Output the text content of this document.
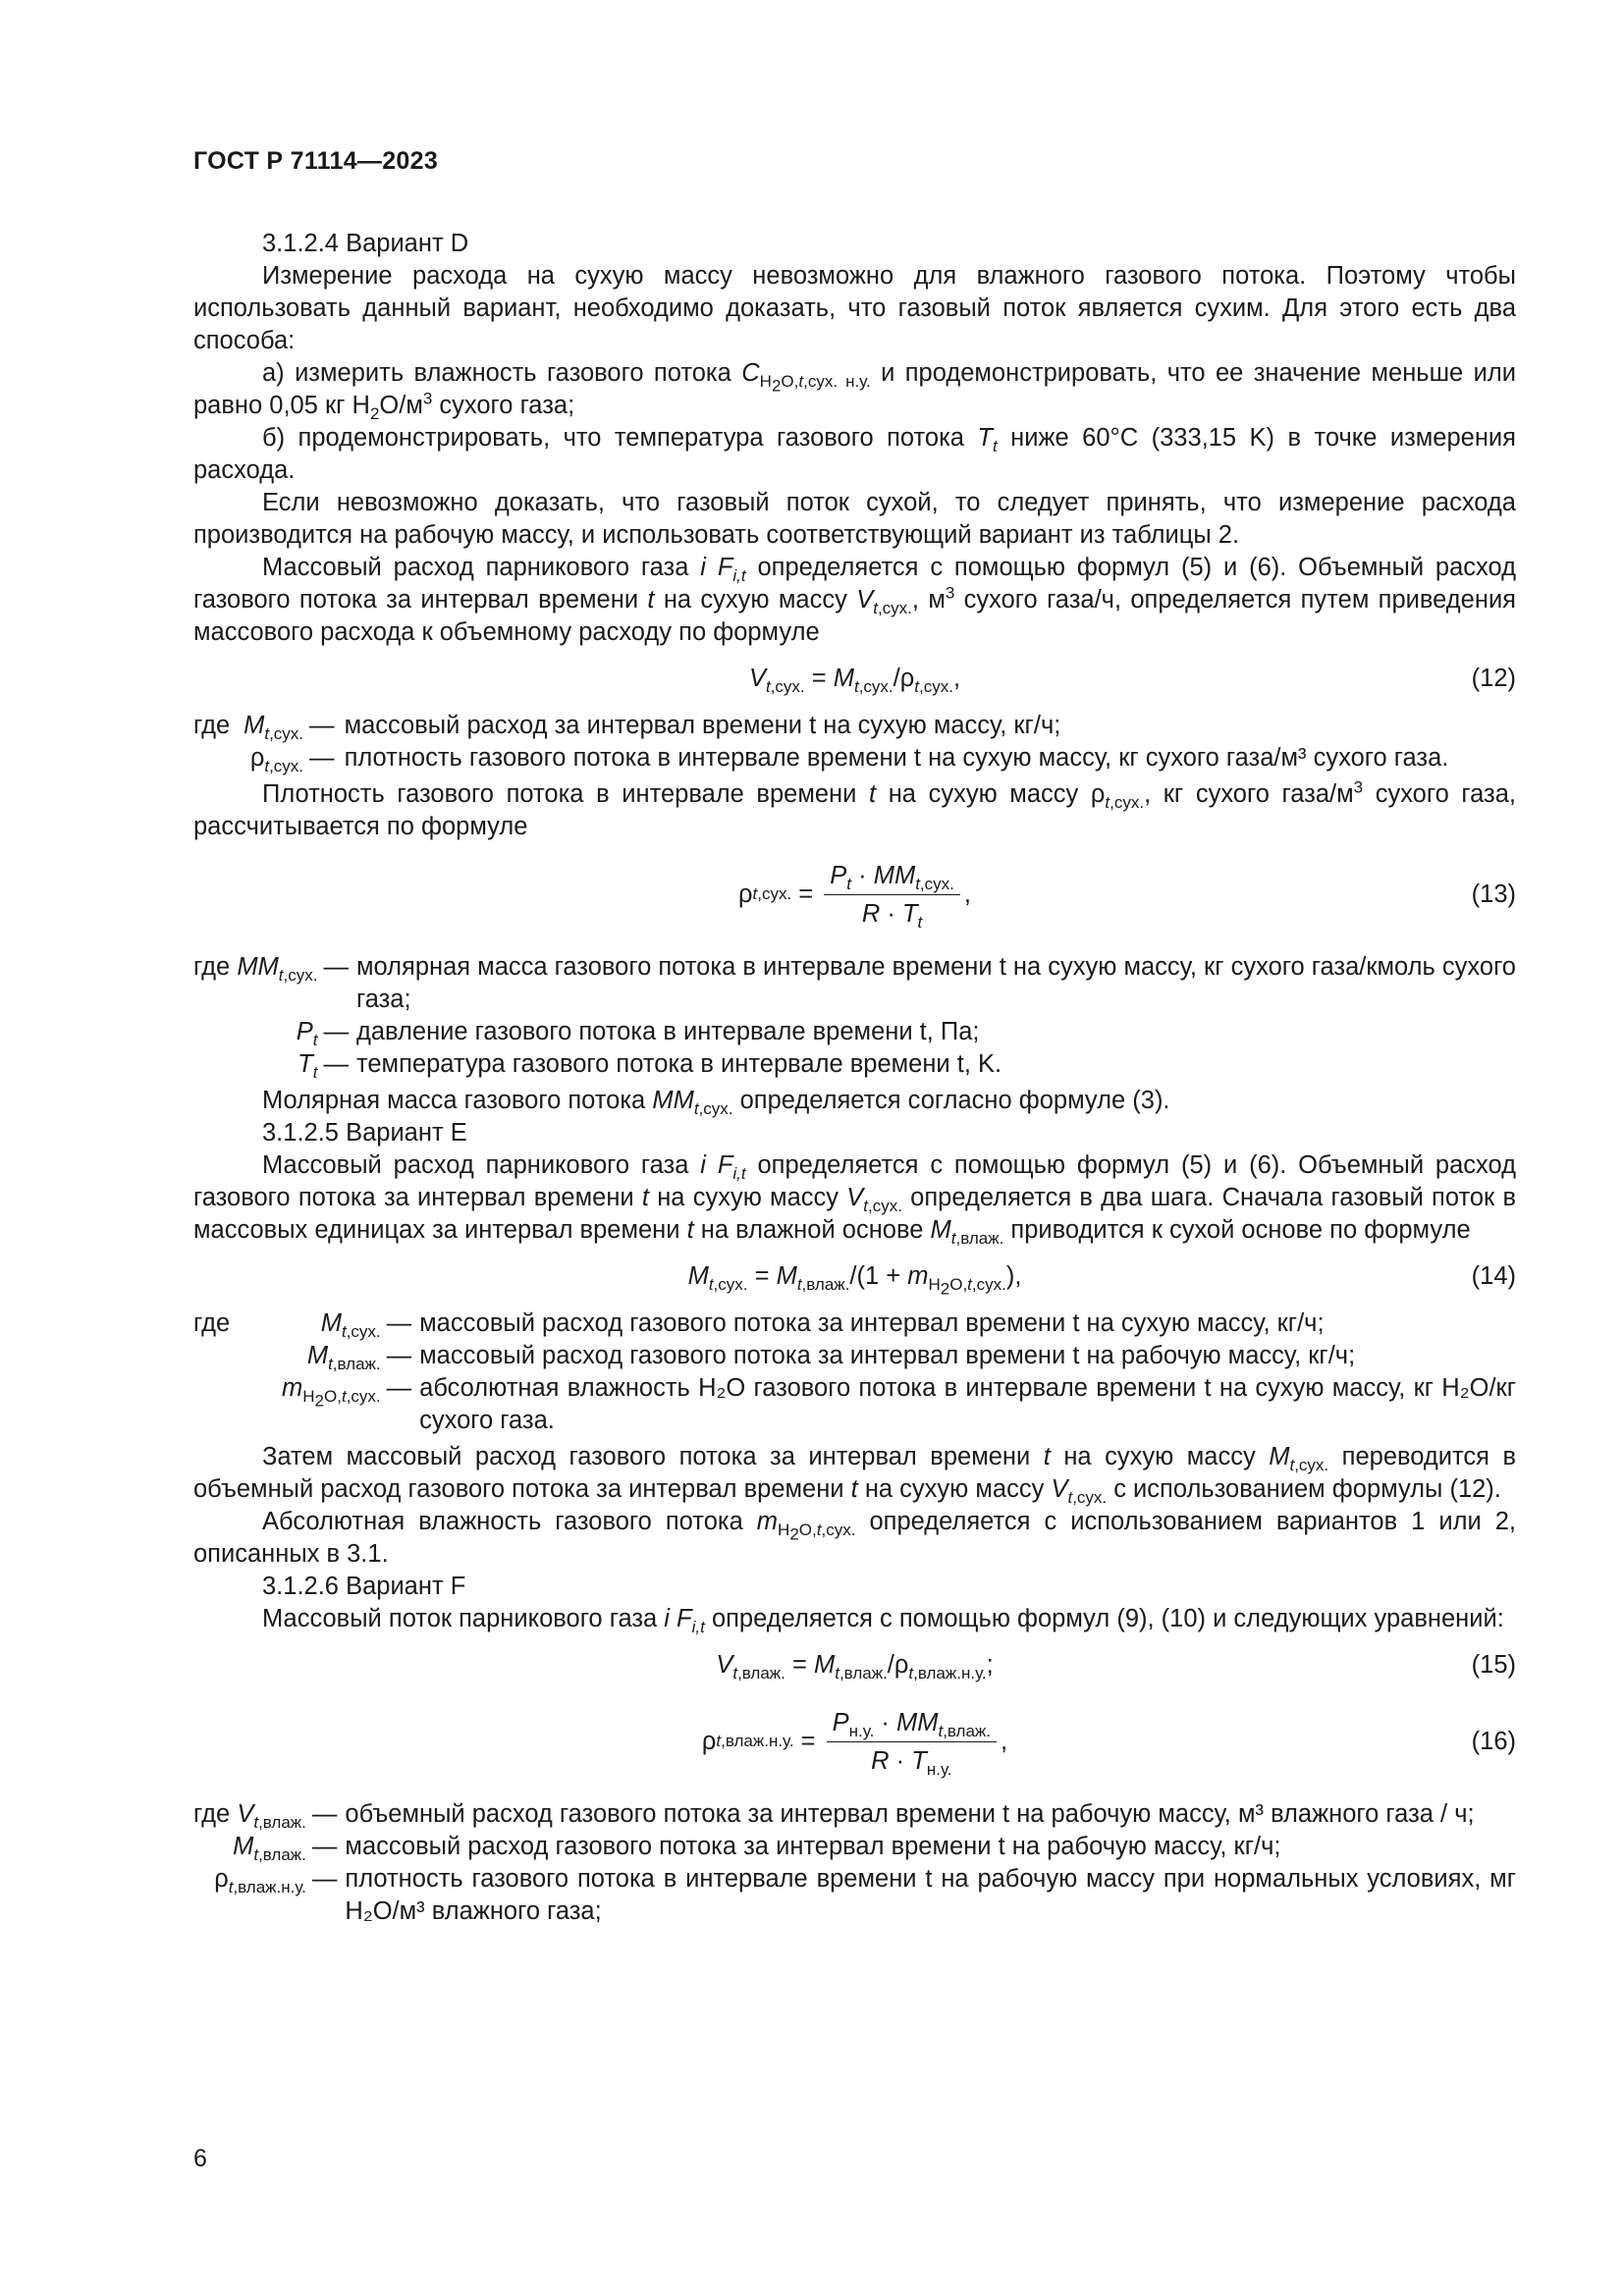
ГОСТ Р 71114—2023

3.1.2.4 Вариант D

Измерение расхода на сухую массу невозможно для влажного газового потока. Поэтому чтобы использовать данный вариант, необходимо доказать, что газовый поток является сухим. Для этого есть два способа:

а) измерить влажность газового потока $C_{H_2O,t,сух. н.у.}$ и продемонстрировать, что ее значение меньше или равно 0,05 кг $H_2O/м^3$ сухого газа;

б) продемонстрировать, что температура газового потока $T_t$ ниже 60°C (333,15 K) в точке измерения расхода.

Если невозможно доказать, что газовый поток сухой, то следует принять, что измерение расхода производится на рабочую массу, и использовать соответствующий вариант из таблицы 2.

Массовый расход парникового газа i $F_{i,t}$ определяется с помощью формул (5) и (6). Объемный расход газового потока за интервал времени t на сухую массу $V_{t,сух.}$, $м^3$ сухого газа/ч, определяется путем приведения массового расхода к объемному расходу по формуле

$V_{t,сух.} = M_{t,сух.}/\rho_{t,сух.}$,	(12)
где	$M_{t,сух.}$	—	массовый расход за интервал времени t на сухую массу, кг/ч;
	$\rho_{t,сух.}$	—	плотность газового потока в интервале времени t на сухую массу, кг сухого газа/м³ сухого газа.

Плотность газового потока в интервале времени t на сухую массу $\rho_{t,сух.}$, кг сухого газа/$м^3$ сухого газа, рассчитывается по формуле

ρ t,сух. = $\frac{P_t \cdot MM_{t,сух.}}{R \cdot T_t}$ ,	(13)
где	$MM_{t,сух.}$	—	молярная масса газового потока в интервале времени t на сухую массу, кг сухого газа/кмоль сухого газа;
	$P_t$	—	давление газового потока в интервале времени t, Па;
	$T_t$	—	температура газового потока в интервале времени t, K.

Молярная масса газового потока $MM_{t,сух.}$ определяется согласно формуле (3).

3.1.2.5 Вариант E

Массовый расход парникового газа i $F_{i,t}$ определяется с помощью формул (5) и (6). Объемный расход газового потока за интервал времени t на сухую массу $V_{t,сух.}$ определяется в два шага. Сначала газовый поток в массовых единицах за интервал времени t на влажной основе $M_{t,влаж.}$ приводится к сухой основе по формуле

$M_{t,сух.} = M_{t,влаж.}/(1 + m_{H_2O,t,сух.})$,	(14)
где	$M_{t,сух.}$	—	массовый расход газового потока за интервал времени t на сухую массу, кг/ч;
	$M_{t,влаж.}$	—	массовый расход газового потока за интервал времени t на рабочую массу, кг/ч;
	$m_{H_2O,t,сух.}$	—	абсолютная влажность H₂O газового потока в интервале времени t на сухую массу, кг H₂O/кг сухого газа.

Затем массовый расход газового потока за интервал времени t на сухую массу $M_{t,сух.}$ переводится в объемный расход газового потока за интервал времени t на сухую массу $V_{t,сух.}$ с использованием формулы (12).

Абсолютная влажность газового потока $m_{H_2O,t,сух.}$ определяется с использованием вариантов 1 или 2, описанных в 3.1.

3.1.2.6 Вариант F

Массовый поток парникового газа i $F_{i,t}$ определяется с помощью формул (9), (10) и следующих уравнений:

$V_{t,влаж.} = M_{t,влаж.}/\rho_{t,влаж.н.у.}$;	(15)
ρ t,влаж.н.у. = $\frac{P_{н.у.} \cdot MM_{t,влаж.}}{R \cdot T_{н.у.}}$ ,	(16)
где $V_{t,влаж.}$		—	объемный расход газового потока за интервал времени t на рабочую массу, м³ влажного газа / ч;
$M_{t,влаж.}$		—	массовый расход газового потока за интервал времени t на рабочую массу, кг/ч;
$\rho_{t,влаж.н.у.}$		—	плотность газового потока в интервале времени t на рабочую массу при нормальных условиях, мг H₂O/м³ влажного газа;
6
